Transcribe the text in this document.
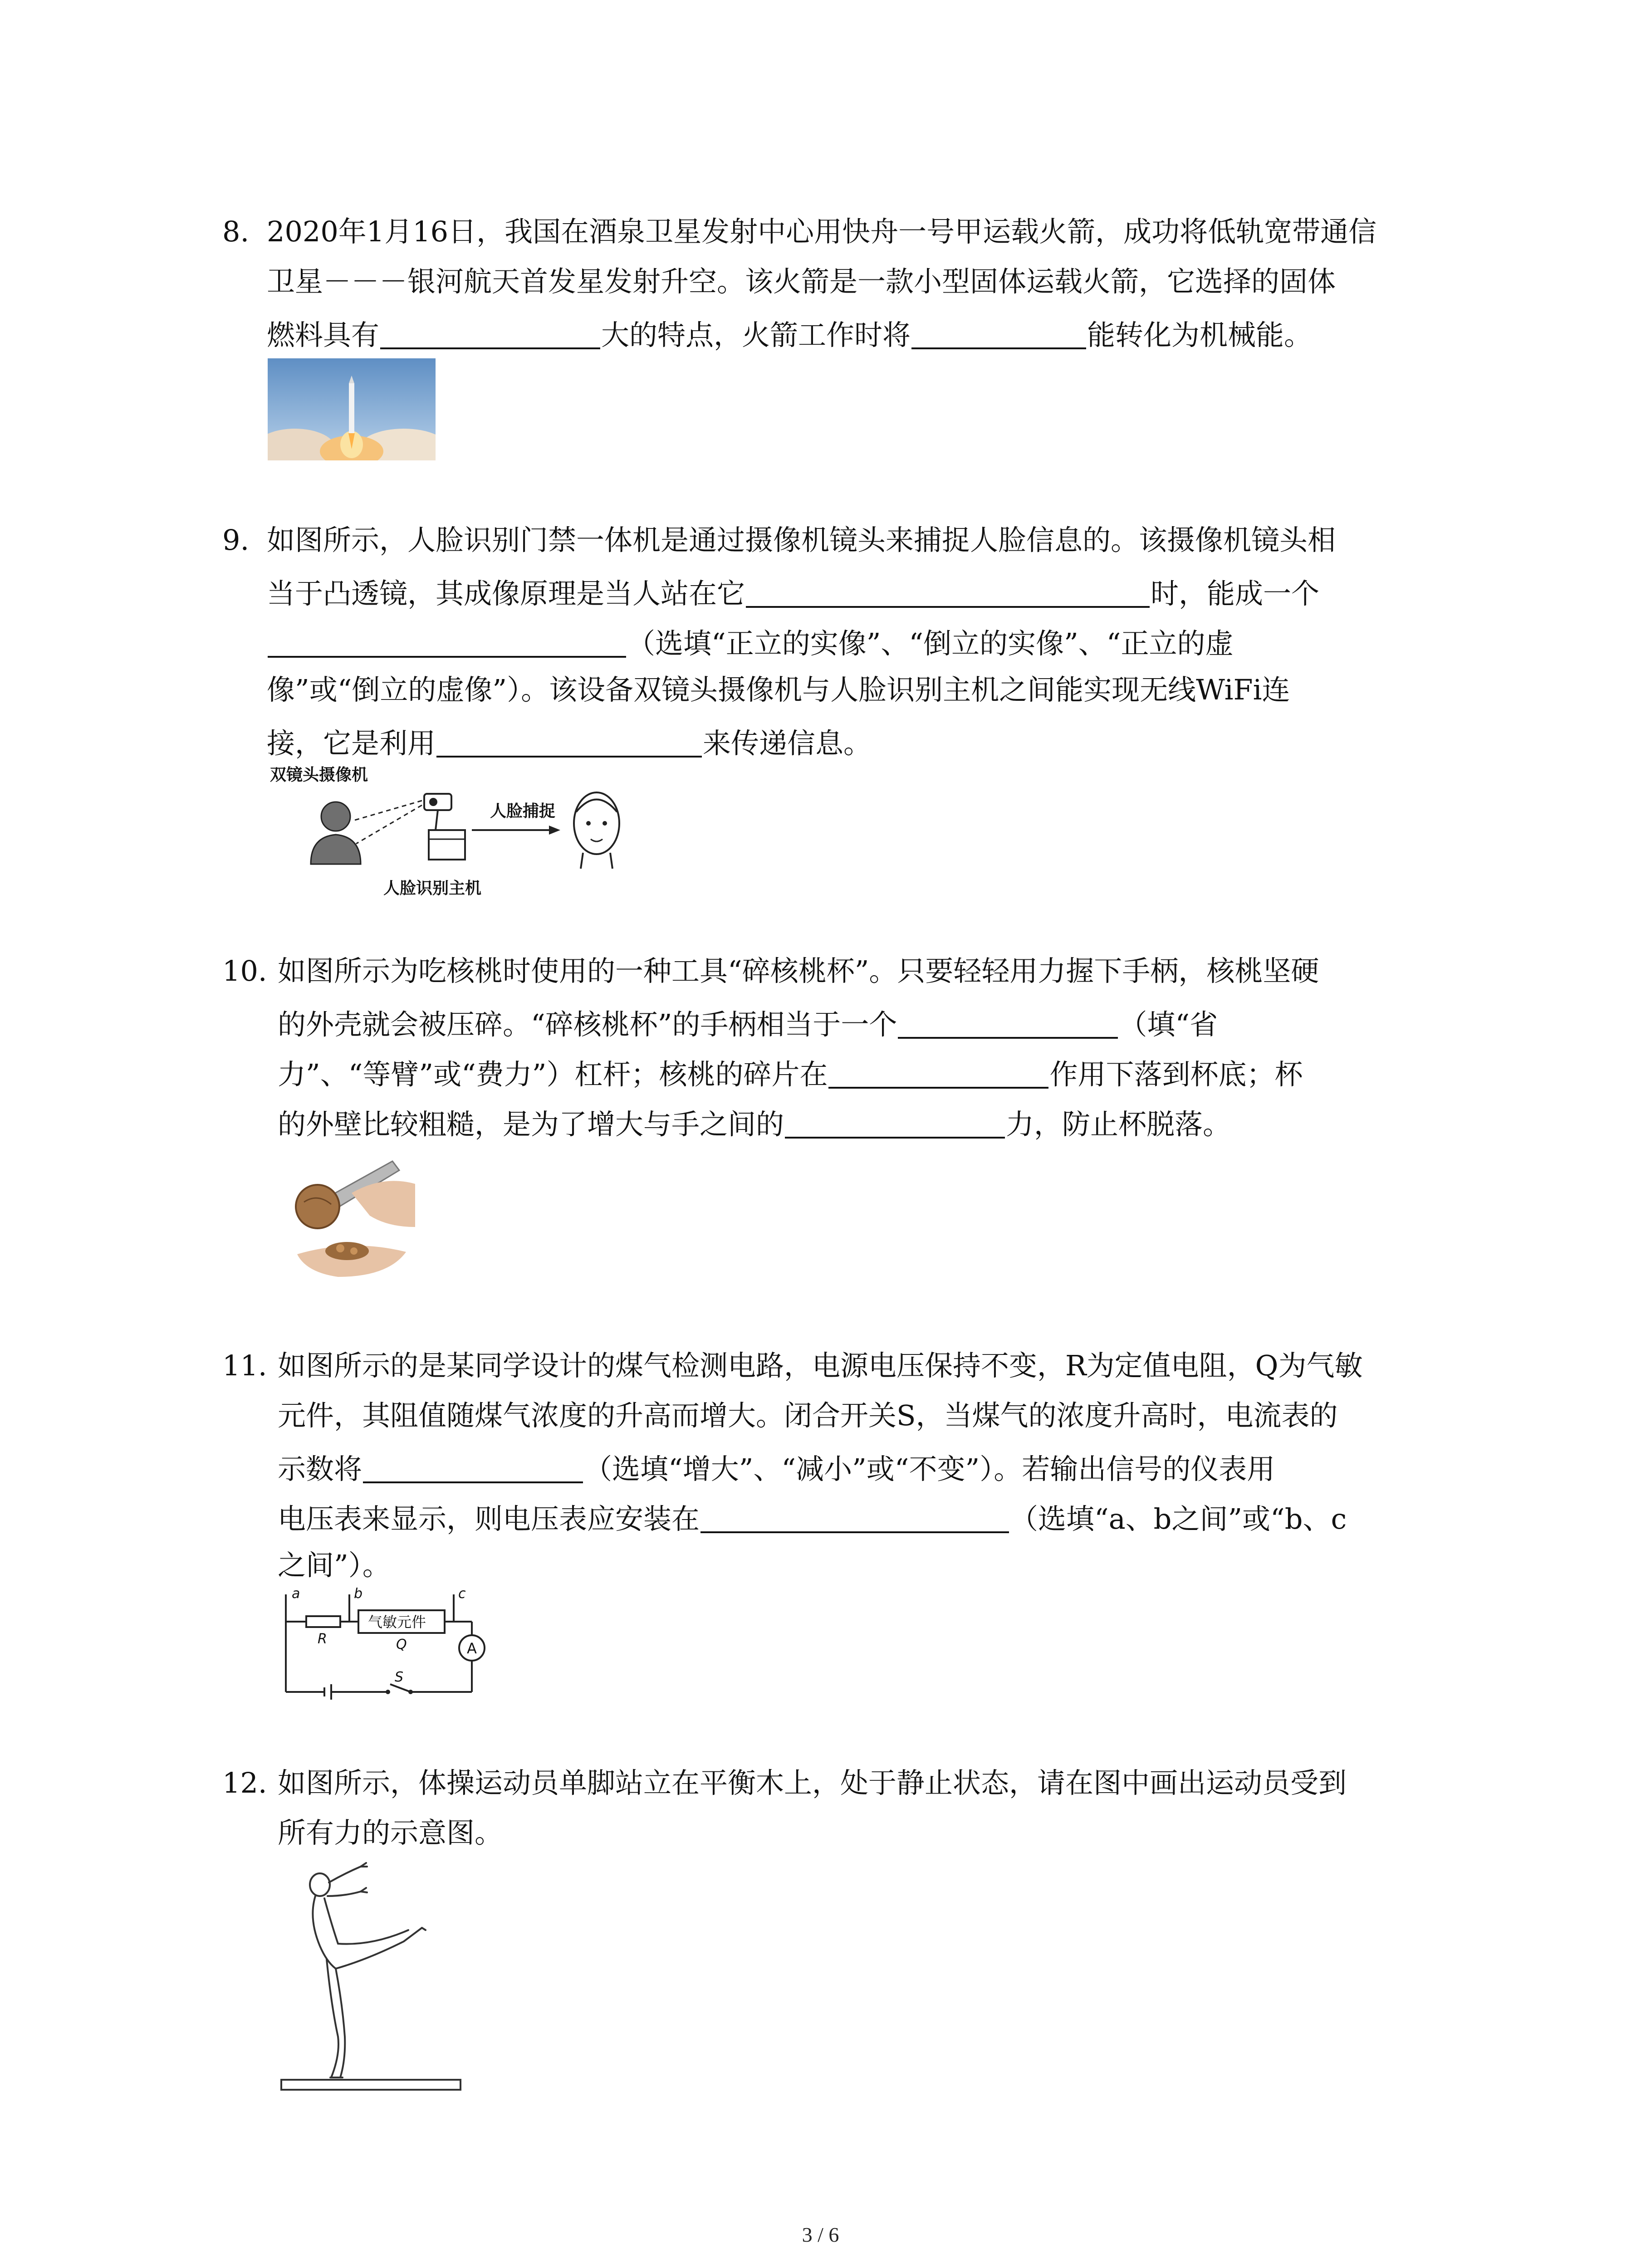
8. 2020年1月16日，我国在酒泉卫星发射中心用快舟一号甲运载火箭，成功将低轨宽带通信
卫星－－－银河航天首发星发射升空。该火箭是一款小型固体运载火箭，它选择的固体
燃料具有	大的特点，火箭工作时将	能转化为机械能。
9. 如图所示，人脸识别门禁一体机是通过摄像机镜头来捕捉人脸信息的。该摄像机镜头相
当于凸透镜，其成像原理是当人站在它	时，能成一个
（选填“正立的实像”、“倒立的实像”、“正立的虚
像”或“倒立的虚像”）。该设备双镜头摄像机与人脸识别主机之间能实现无线WiFi连
接，它是利用	来传递信息。
双镜头摄像机
人脸捕捉
人脸识别主机
10. 如图所示为吃核桃时使用的一种工具“碎核桃杯”。只要轻轻用力握下手柄，核桃坚硬
的外壳就会被压碎。“碎核桃杯”的手柄相当于一个	（填“省
力”、“等臂”或“费力”）杠杆；核桃的碎片在	作用下落到杯底；杯
的外壁比较粗糙，是为了增大与手之间的	力，防止杯脱落。
11. 如图所示的是某同学设计的煤气检测电路，电源电压保持不变，R为定值电阻，Q为气敏
元件，其阻值随煤气浓度的升高而增大。闭合开关S，当煤气的浓度升高时，电流表的
示数将	（选填“增大”、“减小”或“不变”）。若输出信号的仪表用
电压表来显示，则电压表应安装在	（选填“a、b之间”或“b、c
之间”）。
a	b	c
R
气敏元件
Q	A
S
12. 如图所示，体操运动员单脚站立在平衡木上，处于静止状态，请在图中画出运动员受到
所有力的示意图。
3 / 6
